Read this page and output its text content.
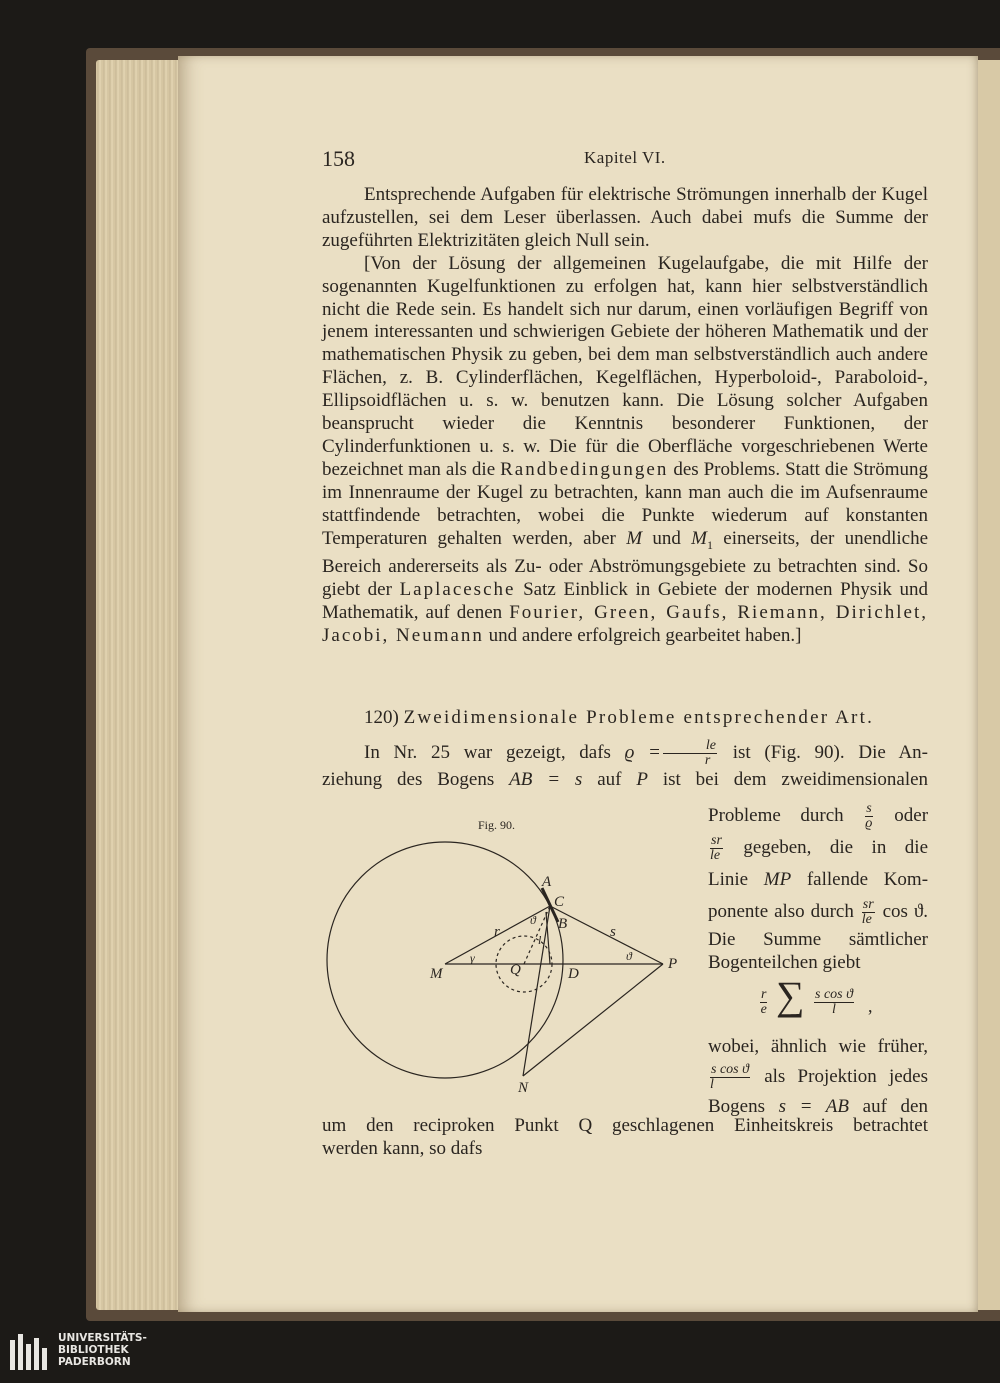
158	Kapitel VI.

Entsprechende Aufgaben für elektrische Strömungen innerhalb der Kugel aufzustellen, sei dem Leser überlassen. Auch dabei mufs die Summe der zugeführten Elektrizitäten gleich Null sein.

[Von der Lösung der allgemeinen Kugelaufgabe, die mit Hilfe der sogenannten Kugelfunktionen zu erfolgen hat, kann hier selbstverständlich nicht die Rede sein. Es handelt sich nur darum, einen vorläufigen Begriff von jenem interessanten und schwierigen Gebiete der höheren Mathematik und der mathematischen Physik zu geben, bei dem man selbstverständlich auch andere Flächen, z. B. Cylinderflächen, Kegelflächen, Hyperboloid-, Paraboloid-, Ellipsoidflächen u. s. w. benutzen kann. Die Lösung solcher Aufgaben beansprucht wieder die Kenntnis besonderer Funktionen, der Cylinderfunktionen u. s. w. Die für die Oberfläche vorgeschriebenen Werte bezeichnet man als die Randbedingungen des Problems. Statt die Strömung im Innenraume der Kugel zu betrachten, kann man auch die im Aufsenraume stattfindende betrachten, wobei die Punkte wiederum auf konstanten Temperaturen gehalten werden, aber M und $M_1$ einerseits, der unendliche Bereich andererseits als Zu- oder Abströmungsgebiete zu betrachten sind. So giebt der Laplacesche Satz Einblick in Gebiete der modernen Physik und Mathematik, auf denen Fourier, Green, Gaufs, Riemann, Dirichlet, Jacobi, Neumann und andere erfolgreich gearbeitet haben.]

120) Zweidimensionale Probleme entsprechender Art.

In Nr. 25 war gezeigt, dafs $ϱ = \frac{le}{r}$ ist (Fig. 90). Die An-

ziehung des Bogens AB = s auf P ist bei dem zweidimensionalen

Probleme durch $\frac{s}{ϱ}$ oder

$\frac{sr}{le}$ gegeben, die in die

Linie MP fallende Kom-

ponente also durch $\frac{sr}{le}$ cos ϑ.

Die Summe sämtlicher

Bogenteilchen giebt

$\frac{r}{e}$ ∑ $\frac{\text{s cos ϑ}}{l}$ ,

wobei, ähnlich wie früher,

$\frac{\text{s cos ϑ}}{l}$ als Projektion jedes

Bogens s = AB auf den

um den reciproken Punkt Q geschlagenen Einheitskreis betrachtet

werden kann, so dafs

Fig. 90.
A
C
B
M	Q	D
P
N
r	s
l
γ
ϑ
ϑ
UNIVERSITÄTS-
BIBLIOTHEK
PADERBORN
